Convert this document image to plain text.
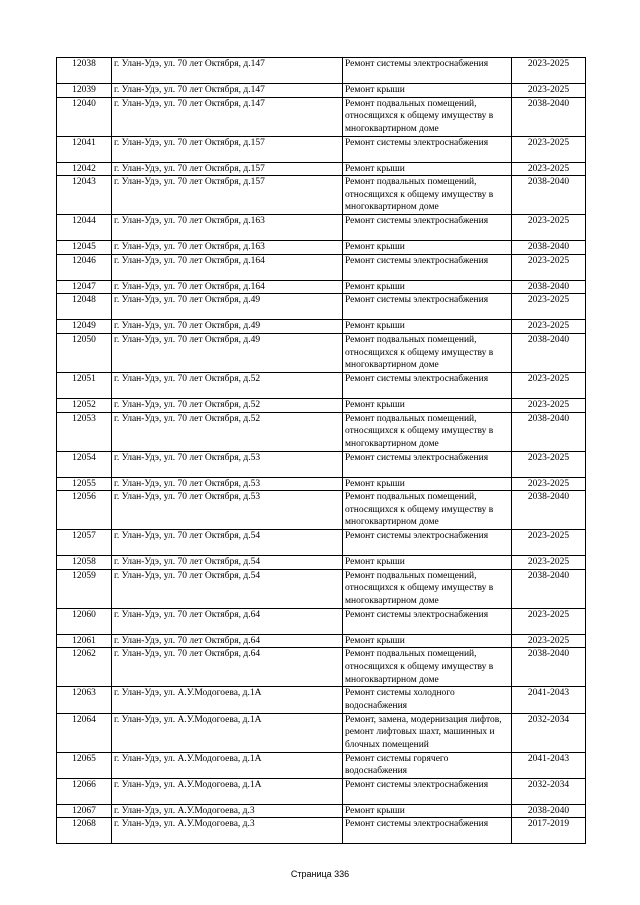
12038	г. Улан-Удэ, ул. 70 лет Октября, д.147	Ремонт системы электроснабжения	2023-2025
12039	г. Улан-Удэ, ул. 70 лет Октября, д.147	Ремонт крыши	2023-2025
12040	г. Улан-Удэ, ул. 70 лет Октября, д.147	Ремонт подвальных помещений, относящихся к общему имуществу в многоквартирном доме	2038-2040
12041	г. Улан-Удэ, ул. 70 лет Октября, д.157	Ремонт системы электроснабжения	2023-2025
12042	г. Улан-Удэ, ул. 70 лет Октября, д.157	Ремонт крыши	2023-2025
12043	г. Улан-Удэ, ул. 70 лет Октября, д.157	Ремонт подвальных помещений, относящихся к общему имуществу в многоквартирном доме	2038-2040
12044	г. Улан-Удэ, ул. 70 лет Октября, д.163	Ремонт системы электроснабжения	2023-2025
12045	г. Улан-Удэ, ул. 70 лет Октября, д.163	Ремонт крыши	2038-2040
12046	г. Улан-Удэ, ул. 70 лет Октября, д.164	Ремонт системы электроснабжения	2023-2025
12047	г. Улан-Удэ, ул. 70 лет Октября, д.164	Ремонт крыши	2038-2040
12048	г. Улан-Удэ, ул. 70 лет Октября, д.49	Ремонт системы электроснабжения	2023-2025
12049	г. Улан-Удэ, ул. 70 лет Октября, д.49	Ремонт крыши	2023-2025
12050	г. Улан-Удэ, ул. 70 лет Октября, д.49	Ремонт подвальных помещений, относящихся к общему имуществу в многоквартирном доме	2038-2040
12051	г. Улан-Удэ, ул. 70 лет Октября, д.52	Ремонт системы электроснабжения	2023-2025
12052	г. Улан-Удэ, ул. 70 лет Октября, д.52	Ремонт крыши	2023-2025
12053	г. Улан-Удэ, ул. 70 лет Октября, д.52	Ремонт подвальных помещений, относящихся к общему имуществу в многоквартирном доме	2038-2040
12054	г. Улан-Удэ, ул. 70 лет Октября, д.53	Ремонт системы электроснабжения	2023-2025
12055	г. Улан-Удэ, ул. 70 лет Октября, д.53	Ремонт крыши	2023-2025
12056	г. Улан-Удэ, ул. 70 лет Октября, д.53	Ремонт подвальных помещений, относящихся к общему имуществу в многоквартирном доме	2038-2040
12057	г. Улан-Удэ, ул. 70 лет Октября, д.54	Ремонт системы электроснабжения	2023-2025
12058	г. Улан-Удэ, ул. 70 лет Октября, д.54	Ремонт крыши	2023-2025
12059	г. Улан-Удэ, ул. 70 лет Октября, д.54	Ремонт подвальных помещений, относящихся к общему имуществу в многоквартирном доме	2038-2040
12060	г. Улан-Удэ, ул. 70 лет Октября, д.64	Ремонт системы электроснабжения	2023-2025
12061	г. Улан-Удэ, ул. 70 лет Октября, д.64	Ремонт крыши	2023-2025
12062	г. Улан-Удэ, ул. 70 лет Октября, д.64	Ремонт подвальных помещений, относящихся к общему имуществу в многоквартирном доме	2038-2040
12063	г. Улан-Удэ, ул. А.У.Модогоева, д.1А	Ремонт системы холодного водоснабжения	2041-2043
12064	г. Улан-Удэ, ул. А.У.Модогоева, д.1А	Ремонт, замена, модернизация лифтов, ремонт лифтовых шахт, машинных и блочных помещений	2032-2034
12065	г. Улан-Удэ, ул. А.У.Модогоева, д.1А	Ремонт системы горячего водоснабжения	2041-2043
12066	г. Улан-Удэ, ул. А.У.Модогоева, д.1А	Ремонт системы электроснабжения	2032-2034
12067	г. Улан-Удэ, ул. А.У.Модогоева, д.3	Ремонт крыши	2038-2040
12068	г. Улан-Удэ, ул. А.У.Модогоева, д.3	Ремонт системы электроснабжения	2017-2019
Страница 336
